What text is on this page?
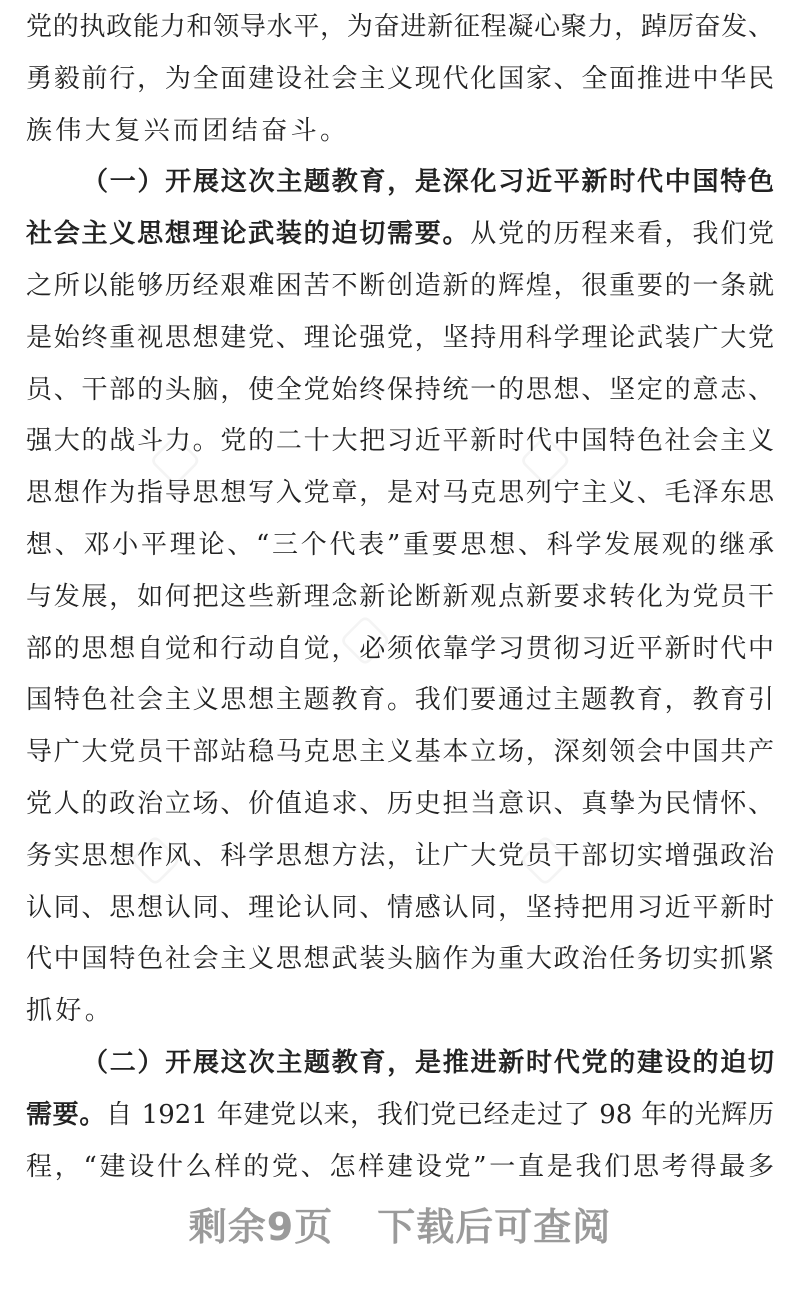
党的执政能力和领导水平，为奋进新征程凝心聚力，踔厉奋发、
勇毅前行，为全面建设社会主义现代化国家、全面推进中华民
族伟大复兴而团结奋斗。
（一）开展这次主题教育，是深化习近平新时代中国特色
社会主义思想理论武装的迫切需要。从党的历程来看，我们党
之所以能够历经艰难困苦不断创造新的辉煌，很重要的一条就
是始终重视思想建党、理论强党，坚持用科学理论武装广大党
员、干部的头脑，使全党始终保持统一的思想、坚定的意志、
强大的战斗力。党的二十大把习近平新时代中国特色社会主义
思想作为指导思想写入党章，是对马克思列宁主义、毛泽东思
想、邓小平理论、“三个代表”重要思想、科学发展观的继承
与发展，如何把这些新理念新论断新观点新要求转化为党员干
部的思想自觉和行动自觉，必须依靠学习贯彻习近平新时代中
国特色社会主义思想主题教育。我们要通过主题教育，教育引
导广大党员干部站稳马克思主义基本立场，深刻领会中国共产
党人的政治立场、价值追求、历史担当意识、真挚为民情怀、
务实思想作风、科学思想方法，让广大党员干部切实增强政治
认同、思想认同、理论认同、情感认同，坚持把用习近平新时
代中国特色社会主义思想武装头脑作为重大政治任务切实抓紧
抓好。
（二）开展这次主题教育，是推进新时代党的建设的迫切
需要。自 1921 年建党以来，我们党已经走过了 98 年的光辉历
程，“建设什么样的党、怎样建设党”一直是我们思考得最多
剩余9页 下载后可查阅
